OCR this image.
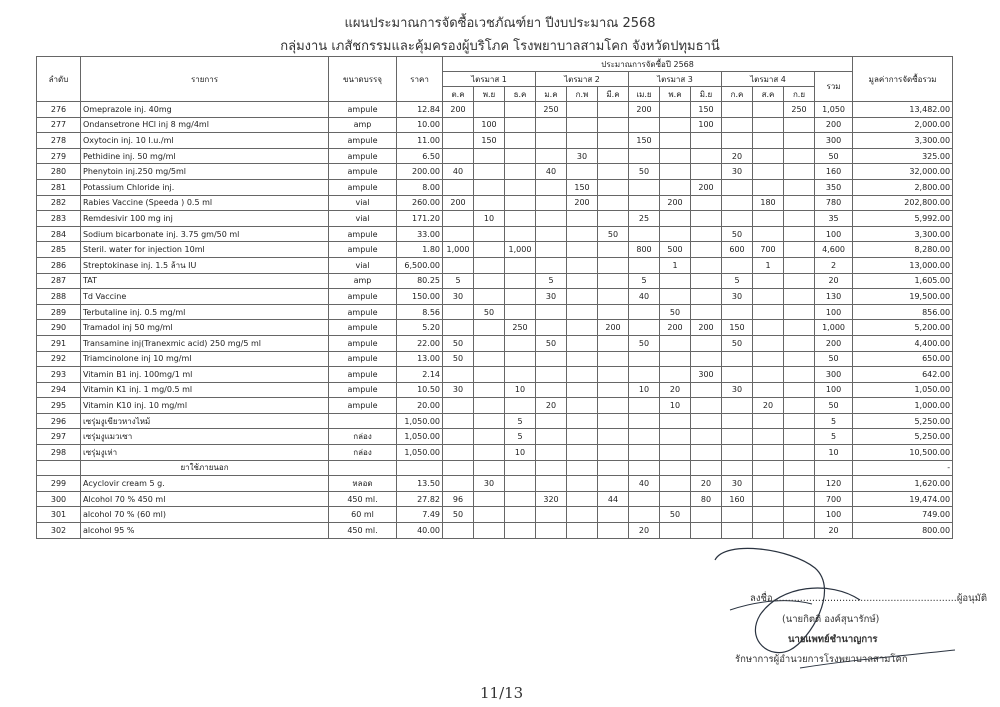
แผนประมาณการจัดซื้อเวชภัณฑ์ยา ปีงบประมาณ 2568
กลุ่มงาน เภสัชกรรมและคุ้มครองผู้บริโภค โรงพยาบาลสามโคก จังหวัดปทุมธานี
ลำดับ	รายการ	ขนาดบรรจุ	ราคา	ประมาณการจัดซื้อปี 2568													มูลค่าการจัดซื้อรวม
				ไตรมาส 1			ไตรมาส 2			ไตรมาส 3			ไตรมาส 4			รวม	
				ต.ค	พ.ย	ธ.ค	ม.ค	ก.พ	มี.ค	เม.ย	พ.ค	มิ.ย	ก.ค	ส.ค	ก.ย		
276	Omeprazole inj. 40mg	ampule	12.84	200			250			200		150			250	1,050	13,482.00
277	Ondansetrone HCl inj 8 mg/4ml	amp	10.00		100							100				200	2,000.00
278	Oxytocin inj. 10 I.u./ml	ampule	11.00		150					150						300	3,300.00
279	Pethidine inj. 50 mg/ml	ampule	6.50					30					20			50	325.00
280	Phenytoin inj.250 mg/5ml	ampule	200.00	40			40			50			30			160	32,000.00
281	Potassium Chloride inj.	ampule	8.00					150				200				350	2,800.00
282	Rabies Vaccine (Speeda ) 0.5 ml	vial	260.00	200				200			200			180		780	202,800.00
283	Remdesivir 100 mg inj	vial	171.20		10					25						35	5,992.00
284	Sodium bicarbonate inj. 3.75 gm/50 ml	ampule	33.00						50				50			100	3,300.00
285	Steril. water for injection 10ml	ampule	1.80	1,000		1,000				800	500		600	700		4,600	8,280.00
286	Streptokinase inj. 1.5 ล้าน IU	vial	6,500.00								1			1		2	13,000.00
287	TAT	amp	80.25	5			5			5			5			20	1,605.00
288	Td Vaccine	ampule	150.00	30			30			40			30			130	19,500.00
289	Terbutaline inj. 0.5 mg/ml	ampule	8.56		50						50					100	856.00
290	Tramadol inj 50 mg/ml	ampule	5.20			250			200		200	200	150			1,000	5,200.00
291	Transamine inj(Tranexmic acid) 250 mg/5 ml	ampule	22.00	50			50			50			50			200	4,400.00
292	Triamcinolone inj 10 mg/ml	ampule	13.00	50												50	650.00
293	Vitamin B1 inj. 100mg/1 ml	ampule	2.14									300				300	642.00
294	Vitamin K1 inj. 1 mg/0.5 ml	ampule	10.50	30		10				10	20		30			100	1,050.00
295	Vitamin K10 inj. 10 mg/ml	ampule	20.00				20				10			20		50	1,000.00
296	เซรุ่มงูเขียวหางไหม้		1,050.00			5										5	5,250.00
297	เซรุ่มงูแมวเซา	กล่อง	1,050.00			5										5	5,250.00
298	เซรุ่มงูเห่า	กล่อง	1,050.00			10										10	10,500.00
	ยาใช้ภายนอก																-
299	Acyclovir cream 5 g.	หลอด	13.50		30					40		20	30			120	1,620.00
300	Alcohol 70 % 450 ml	450 ml.	27.82	96			320		44			80	160			700	19,474.00
301	alcohol 70 % (60 ml)	60 ml	7.49	50							50					100	749.00
302	alcohol 95 %	450 ml.	40.00							20						20	800.00
ลงชื่อ.............................................................ผู้อนุมัติ
(นายกิตติ องค์สุนารักษ์)
นายแพทย์ชำนาญการ
รักษาการผู้อำนวยการโรงพยาบาลสามโคก
11/13
